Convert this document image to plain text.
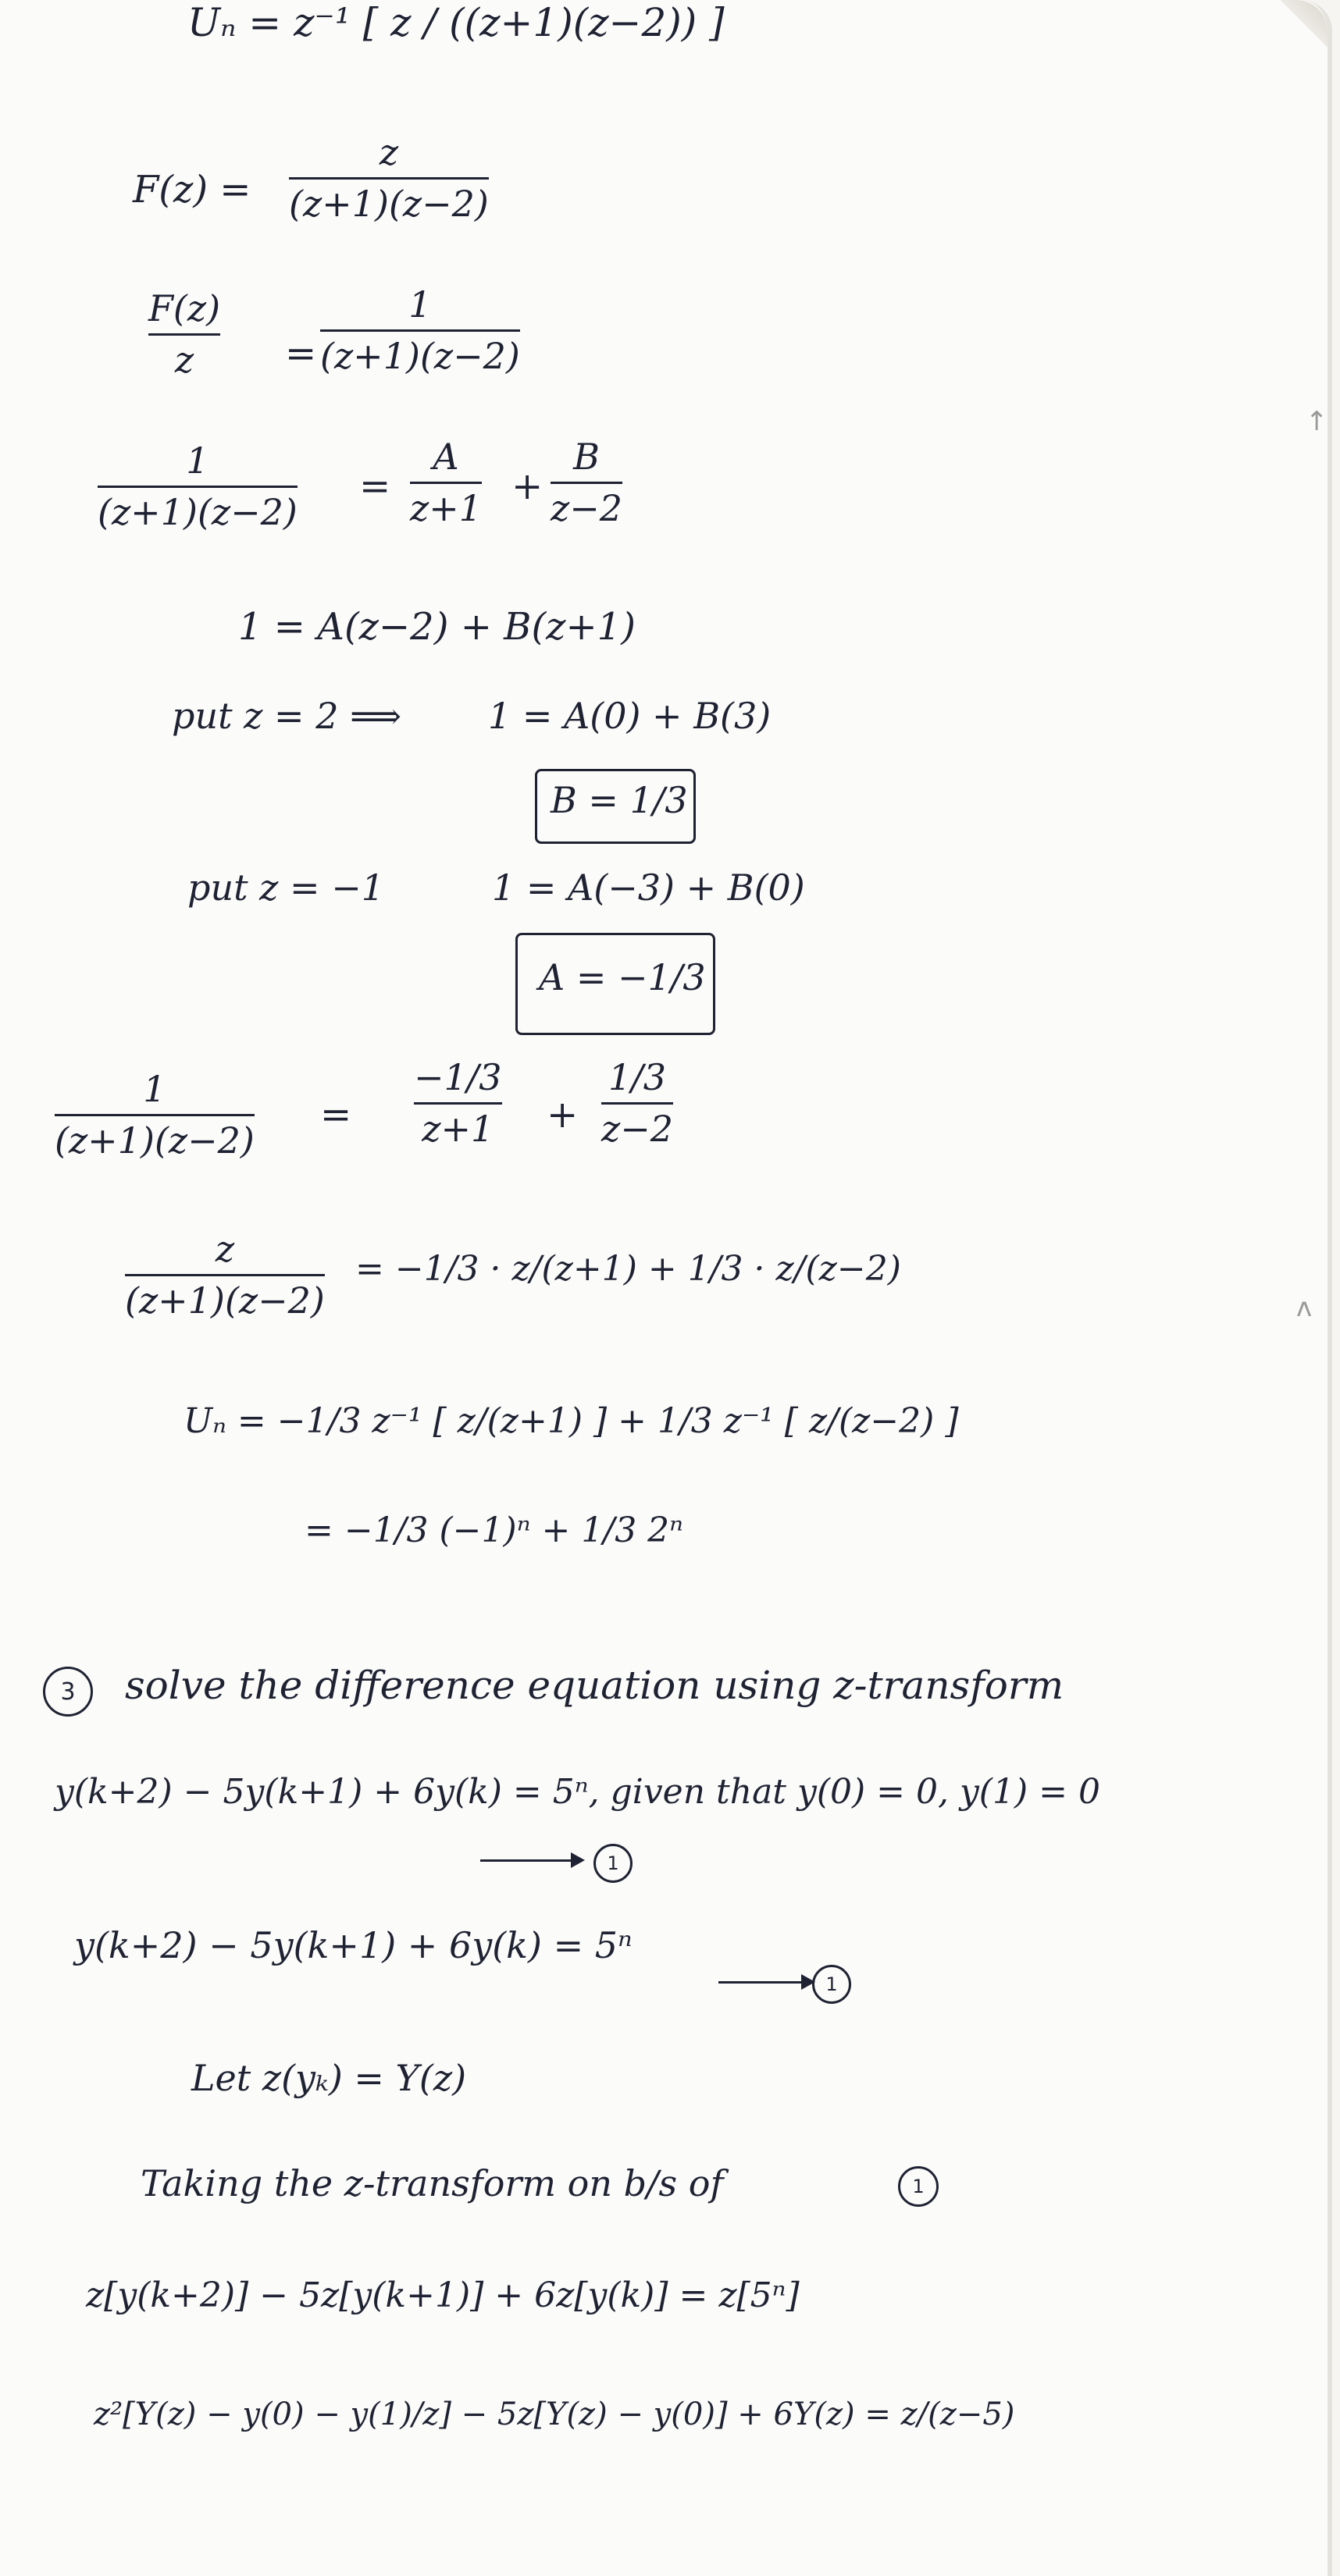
Uₙ = z⁻¹ [ z / ((z+1)(z−2)) ]
F(z) =
z
(z+1)(z−2)
F(z)
z =
1
(z+1)(z−2)
1
(z+1)(z−2)
=
A
z+1 +
B
z−2
1 = A(z−2) + B(z+1)
put z = 2 ⟹ 1 = A(0) + B(3)
B = 1/3
put z = −1	1 = A(−3) + B(0)
A = −1/3
1
(z+1)(z−2)
=
−1/3
z+1 +
1/3
z−2
z
(z+1)(z−2)
= −1/3 · z/(z+1) + 1/3 · z/(z−2)
Uₙ = −1/3 z⁻¹ [ z/(z+1) ] + 1/3 z⁻¹ [ z/(z−2) ]
= −1/3 (−1)ⁿ + 1/3 2ⁿ
3	solve the difference equation using z-transform
y(k+2) − 5y(k+1) + 6y(k) = 5ⁿ, given that y(0) = 0, y(1) = 0
1
y(k+2) − 5y(k+1) + 6y(k) = 5ⁿ
1
Let z(yₖ) = Y(z)
Taking the z-transform on b/s of	1
z[y(k+2)] − 5z[y(k+1)] + 6z[y(k)] = z[5ⁿ]
z²[Y(z) − y(0) − y(1)/z] − 5z[Y(z) − y(0)] + 6Y(z) = z/(z−5)
↑
ʌ
